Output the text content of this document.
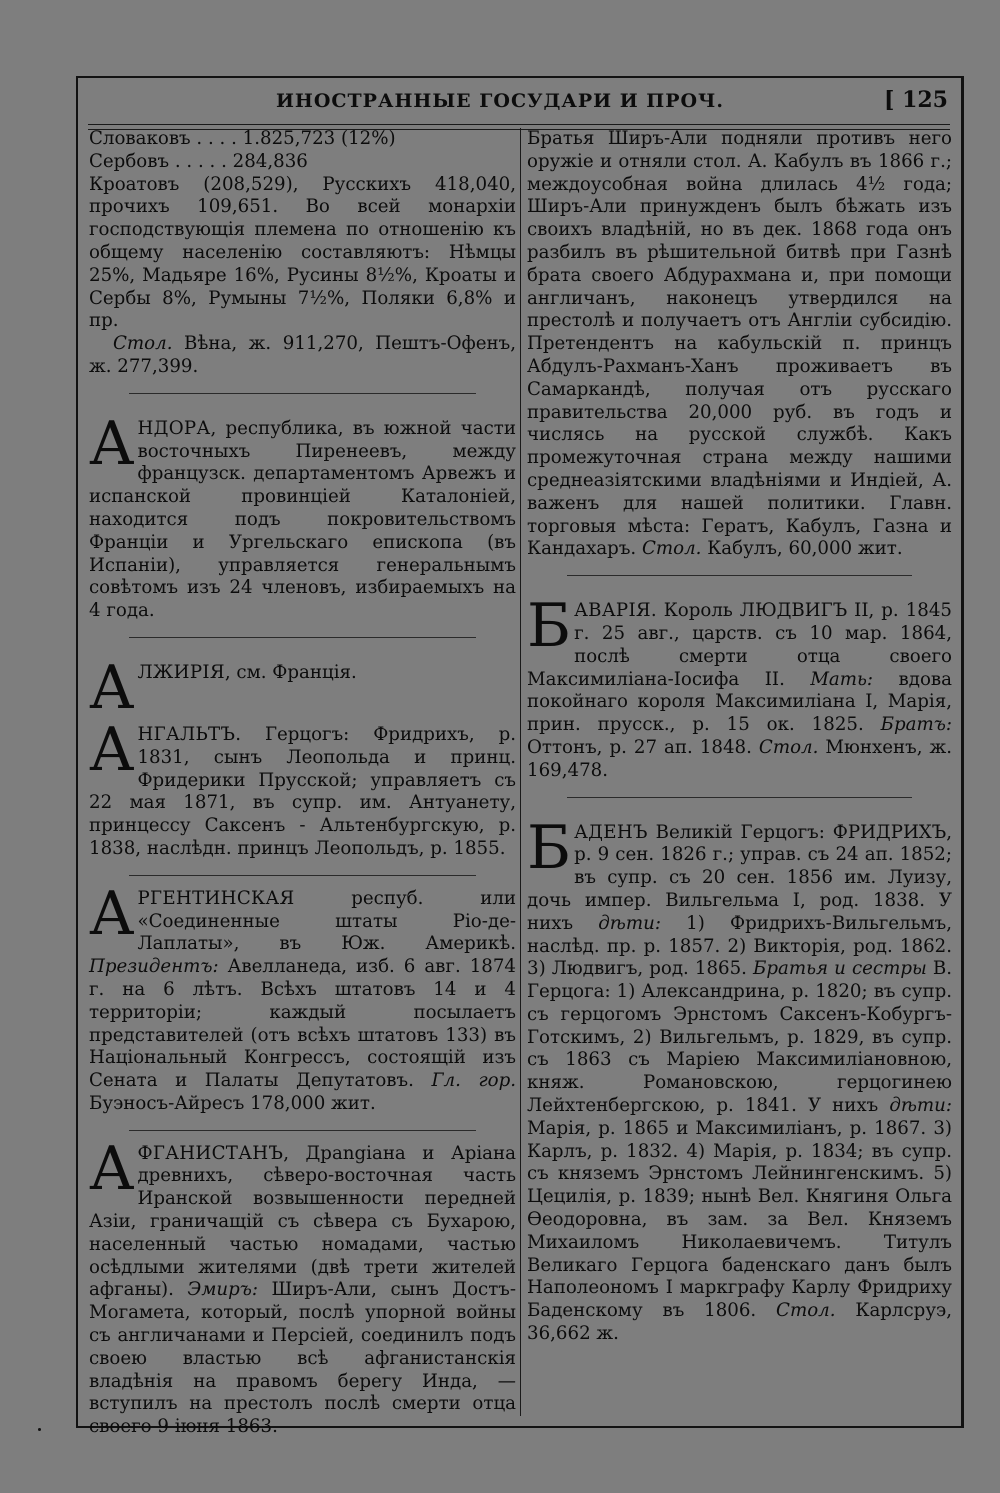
ИНОСТРАННЫЕ ГОСУДАРИ И ПРОЧ.	[ 125

Словаковъ . . . . 1.825,723 (12%)

Сербовъ . . . . . 284,836

Кроатовъ (208,529), Русскихъ 418,040, прочихъ 109,651. Во всей монархіи господствующія племена по отношенію къ общему населенію составляютъ: Нѣмцы 25%, Мадьяре 16%, Русины 8½%, Кроаты и Сербы 8%, Румыны 7½%, Поляки 6,8% и пр.

Стол. Вѣна, ж. 911,270, Пештъ-Офенъ, ж. 277,399.

АНДОРА, республика, въ южной части восточныхъ Пиренеевъ, между французск. департаментомъ Арвежъ и испанской провинціей Каталоніей, находится подъ покровительствомъ Франціи и Ургельскаго епископа (въ Испаніи), управляется генеральнымъ совѣтомъ изъ 24 членовъ, избираемыхъ на 4 года.

АЛЖИРІЯ, см. Франція.

АНГАЛЬТЪ. Герцогъ: Фридрихъ, р. 1831, сынъ Леопольда и принц. Фридерики Прусской; управляетъ съ 22 мая 1871, въ супр. им. Антуанету, принцессу Саксенъ - Альтенбургскую, р. 1838, наслѣдн. принцъ Леопольдъ, р. 1855.

АРГЕНТИНСКАЯ респуб. или «Соединенные штаты Ріо-де-Лаплаты», въ Юж. Америкѣ. Президентъ: Авелланеда, изб. 6 авг. 1874 г. на 6 лѣтъ. Всѣхъ штатовъ 14 и 4 территоріи; каждый посылаетъ представителей (отъ всѣхъ штатовъ 133) въ Національный Конгрессъ, состоящій изъ Сената и Палаты Депутатовъ. Гл. гор. Буэносъ-Айресъ 178,000 жит.

АФГАНИСТАНЪ, Драngіана и Аріана древнихъ, сѣверо-восточная часть Иранской возвышенности передней Азіи, граничащій съ сѣвера съ Бухарою, населенный частью номадами, частью осѣдлыми жителями (двѣ трети жителей афганы). Эмиръ: Ширъ-Али, сынъ Достъ-Могамета, который, послѣ упорной войны съ англичанами и Персіей, соединилъ подъ своею властью всѣ афганистанскія владѣнія на правомъ берегу Инда, — вступилъ на престолъ послѣ смерти отца своего 9 іюня 1863.

Братья Ширъ-Али подняли противъ него оружіе и отняли стол. А. Кабулъ въ 1866 г.; междоусобная война длилась 4½ года; Ширъ-Али принужденъ былъ бѣжать изъ своихъ владѣній, но въ дек. 1868 года онъ разбилъ въ рѣшительной битвѣ при Газнѣ брата своего Абдурахмана и, при помощи англичанъ, наконецъ утвердился на престолѣ и получаетъ отъ Англіи субсидію. Претендентъ на кабульскій п. принцъ Абдулъ-Рахманъ-Ханъ проживаетъ въ Самаркандѣ, получая отъ русскаго правительства 20,000 руб. въ годъ и числясь на русской службѣ. Какъ промежуточная страна между нашими среднеазіятскими владѣніями и Индіей, А. важенъ для нашей политики. Главн. торговыя мѣста: Гератъ, Кабулъ, Газна и Кандахаръ. Стол. Кабулъ, 60,000 жит.

БАВАРІЯ. Король ЛЮДВИГЪ II, р. 1845 г. 25 авг., царств. съ 10 мар. 1864, послѣ смерти отца своего Максимиліана-Іосифа II. Мать: вдова покойнаго короля Максимиліана I, Марія, прин. прусск., р. 15 ок. 1825. Братъ: Оттонъ, р. 27 ап. 1848. Стол. Мюнхенъ, ж. 169,478.

БАДЕНЪ Великій Герцогъ: ФРИДРИХЪ, р. 9 сен. 1826 г.; управ. съ 24 ап. 1852; въ супр. съ 20 сен. 1856 им. Луизу, дочь импер. Вильгельма I, род. 1838. У нихъ дѣти: 1) Фридрихъ-Вильгельмъ, наслѣд. пр. р. 1857. 2) Викторія, род. 1862. 3) Людвигъ, род. 1865. Братья и сестры В. Герцога: 1) Александрина, р. 1820; въ супр. съ герцогомъ Эрнстомъ Саксенъ-Кобургъ-Готскимъ, 2) Вильгельмъ, р. 1829, въ супр. съ 1863 съ Маріею Максимиліановною, княж. Романовскою, герцогинею Лейхтенбергскою, р. 1841. У нихъ дѣти: Марія, р. 1865 и Максимиліанъ, р. 1867. 3) Карлъ, р. 1832. 4) Марія, р. 1834; въ супр. съ княземъ Эрнстомъ Лейнингенскимъ. 5) Цецилія, р. 1839; нынѣ Вел. Княгиня Ольга Ѳеодоровна, въ зам. за Вел. Княземъ Михаиломъ Николаевичемъ. Титулъ Великаго Герцога баденскаго данъ былъ Наполеономъ I маркграфу Карлу Фридриху Баденскому въ 1806. Стол. Карлсруэ, 36,662 ж.
